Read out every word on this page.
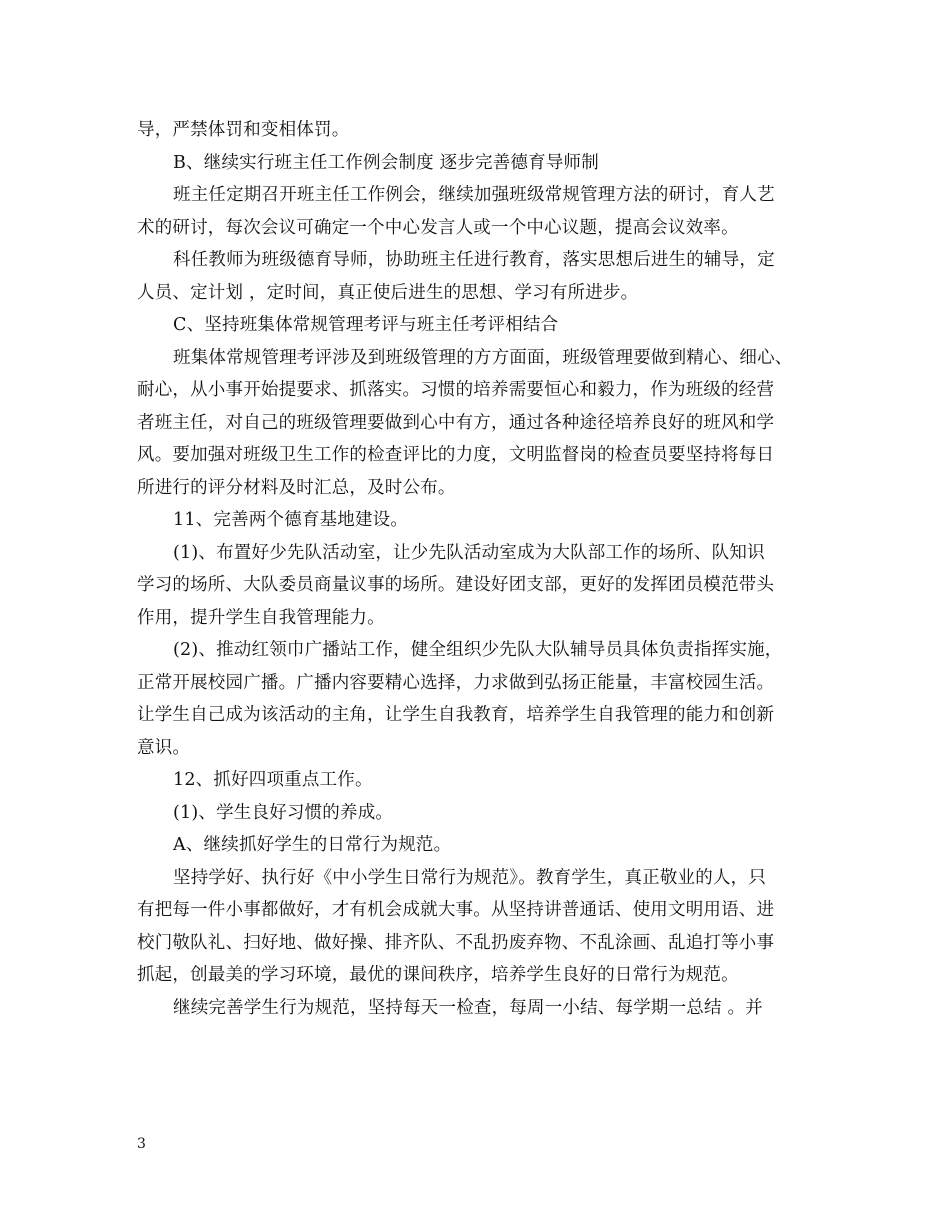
导，严禁体罚和变相体罚。
B、继续实行班主任工作例会制度 逐步完善德育导师制
班主任定期召开班主任工作例会，继续加强班级常规管理方法的研讨，育人艺
术的研讨，每次会议可确定一个中心发言人或一个中心议题，提高会议效率。
科任教师为班级德育导师，协助班主任进行教育，落实思想后进生的辅导，定
人员、定计划 ，定时间，真正使后进生的思想、学习有所进步。
C、坚持班集体常规管理考评与班主任考评相结合
班集体常规管理考评涉及到班级管理的方方面面，班级管理要做到精心、细心、
耐心，从小事开始提要求、抓落实。习惯的培养需要恒心和毅力，作为班级的经营
者班主任，对自己的班级管理要做到心中有方，通过各种途径培养良好的班风和学
风。要加强对班级卫生工作的检查评比的力度，文明监督岗的检查员要坚持将每日
所进行的评分材料及时汇总，及时公布。
11、完善两个德育基地建设。
(1)、布置好少先队活动室，让少先队活动室成为大队部工作的场所、队知识
学习的场所、大队委员商量议事的场所。建设好团支部，更好的发挥团员模范带头
作用，提升学生自我管理能力。
(2)、推动红领巾广播站工作，健全组织少先队大队辅导员具体负责指挥实施，
正常开展校园广播。广播内容要精心选择，力求做到弘扬正能量，丰富校园生活。
让学生自己成为该活动的主角，让学生自我教育，培养学生自我管理的能力和创新
意识。
12、抓好四项重点工作。
(1)、学生良好习惯的养成。
A、继续抓好学生的日常行为规范。
坚持学好、执行好《中小学生日常行为规范》。教育学生，真正敬业的人，只
有把每一件小事都做好，才有机会成就大事。从坚持讲普通话、使用文明用语、进
校门敬队礼、扫好地、做好操、排齐队、不乱扔废弃物、不乱涂画、乱追打等小事
抓起，创最美的学习环境，最优的课间秩序，培养学生良好的日常行为规范。
继续完善学生行为规范，坚持每天一检查，每周一小结、每学期一总结 。并
3
